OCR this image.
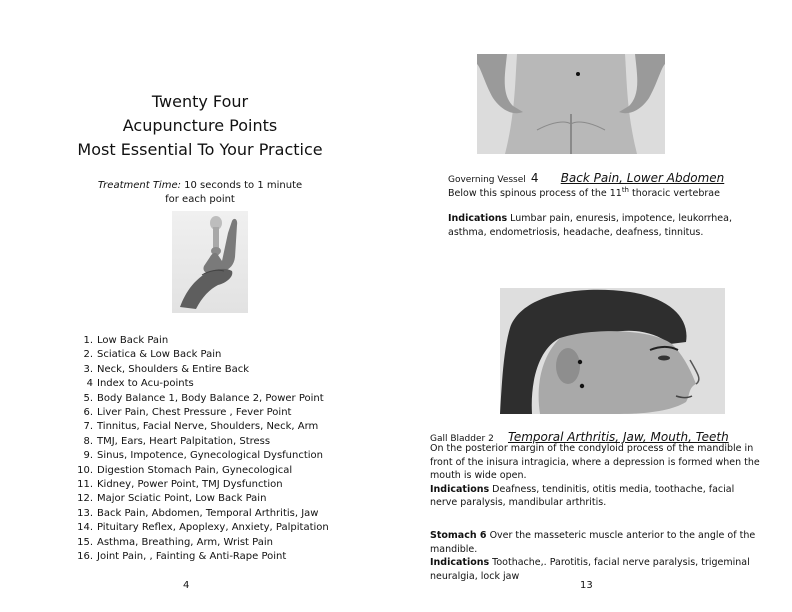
Twenty Four
Acupuncture Points
Most Essential To Your Practice
Treatment Time: 10 seconds to 1 minute
for each point
1. Low Back Pain
2. Sciatica & Low Back Pain
3. Neck, Shoulders & Entire Back
4 Index to Acu-points
5. Body Balance 1, Body Balance 2, Power Point
6. Liver Pain, Chest Pressure , Fever Point
7. Tinnitus, Facial Nerve, Shoulders, Neck, Arm
8. TMJ, Ears, Heart Palpitation, Stress
9. Sinus, Impotence, Gynecological Dysfunction
10. Digestion Stomach Pain, Gynecological
11. Kidney, Power Point, TMJ Dysfunction
12. Major Sciatic Point, Low Back Pain
13. Back Pain, Abdomen, Temporal Arthritis, Jaw
14. Pituitary Reflex, Apoplexy, Anxiety, Palpitation
15. Asthma, Breathing, Arm, Wrist Pain
16. Joint Pain, , Fainting & Anti-Rape Point
4
Governing Vessel 4 Back Pain, Lower Abdomen
Below this spinous process of the 11th thoracic vertebrae
Indications Lumbar pain, enuresis, impotence, leukorrhea, asthma, endometriosis, headache, deafness, tinnitus.
Gall Bladder 2 Temporal Arthritis, Jaw, Mouth, Teeth
On the posterior margin of the condyloid process of the mandible in front of the inisura intragicia, where a depression is formed when the mouth is wide open.
Indications Deafness, tendinitis, otitis media, toothache, facial nerve paralysis, mandibular arthritis.
Stomach 6 Over the masseteric muscle anterior to the angle of the mandible.
Indications Toothache,. Parotitis, facial nerve paralysis, trigeminal neuralgia, lock jaw
13
